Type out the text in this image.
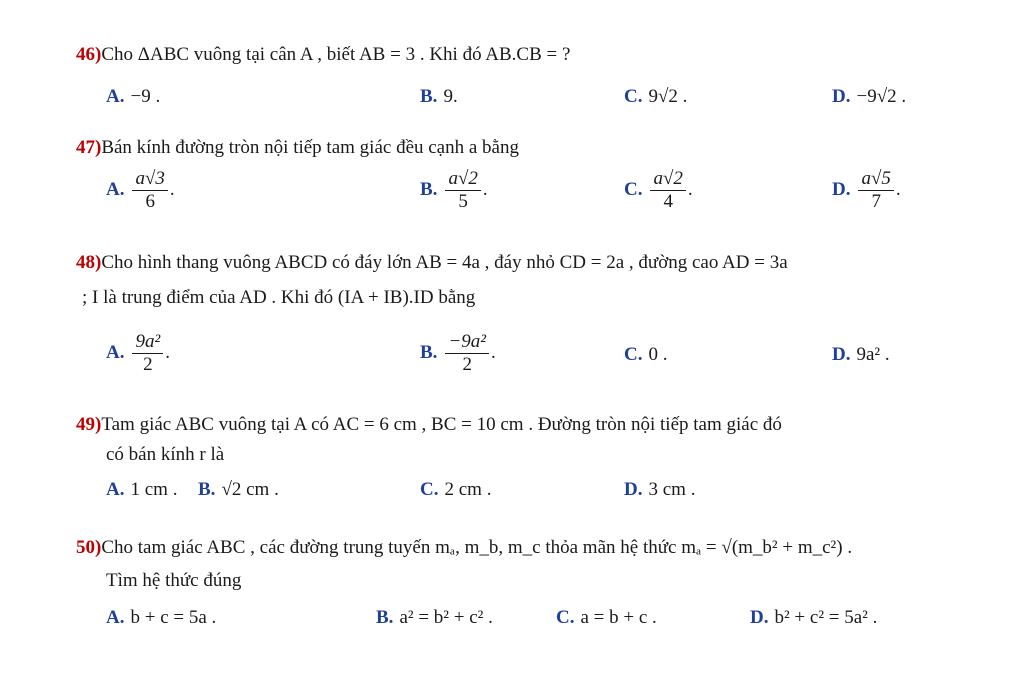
46)Cho ΔABC vuông tại cân A , biết AB = 3 . Khi đó AB.CB = ?
A. −9 .	B. 9.	C. 9√2 .	D. −9√2 .
47)Bán kính đường tròn nội tiếp tam giác đều cạnh a bằng
A. $\frac{a√3}{6}$ .	B. $\frac{a√2}{5}$ .	C. $\frac{a√2}{4}$ .	D. $\frac{a√5}{7}$ .
48)Cho hình thang vuông ABCD có đáy lớn AB = 4a , đáy nhỏ CD = 2a , đường cao AD = 3a
; I là trung điểm của AD . Khi đó (IA + IB).ID bằng
A. $\frac{\text{9a²}}{2}$ .	B. $\frac{\text{−9a²}}{2}$ .	C. 0 .	D. 9a² .
49)Tam giác ABC vuông tại A có AC = 6 cm , BC = 10 cm . Đường tròn nội tiếp tam giác đó
có bán kính r là
A. 1 cm . B. √2 cm .	C. 2 cm .	D. 3 cm .
50)Cho tam giác ABC , các đường trung tuyến mₐ, m_b, m_c thỏa mãn hệ thức mₐ = √(m_b² + m_c²) .
Tìm hệ thức đúng
A. b + c = 5a .	B. a² = b² + c² .	C. a = b + c .	D. b² + c² = 5a² .
